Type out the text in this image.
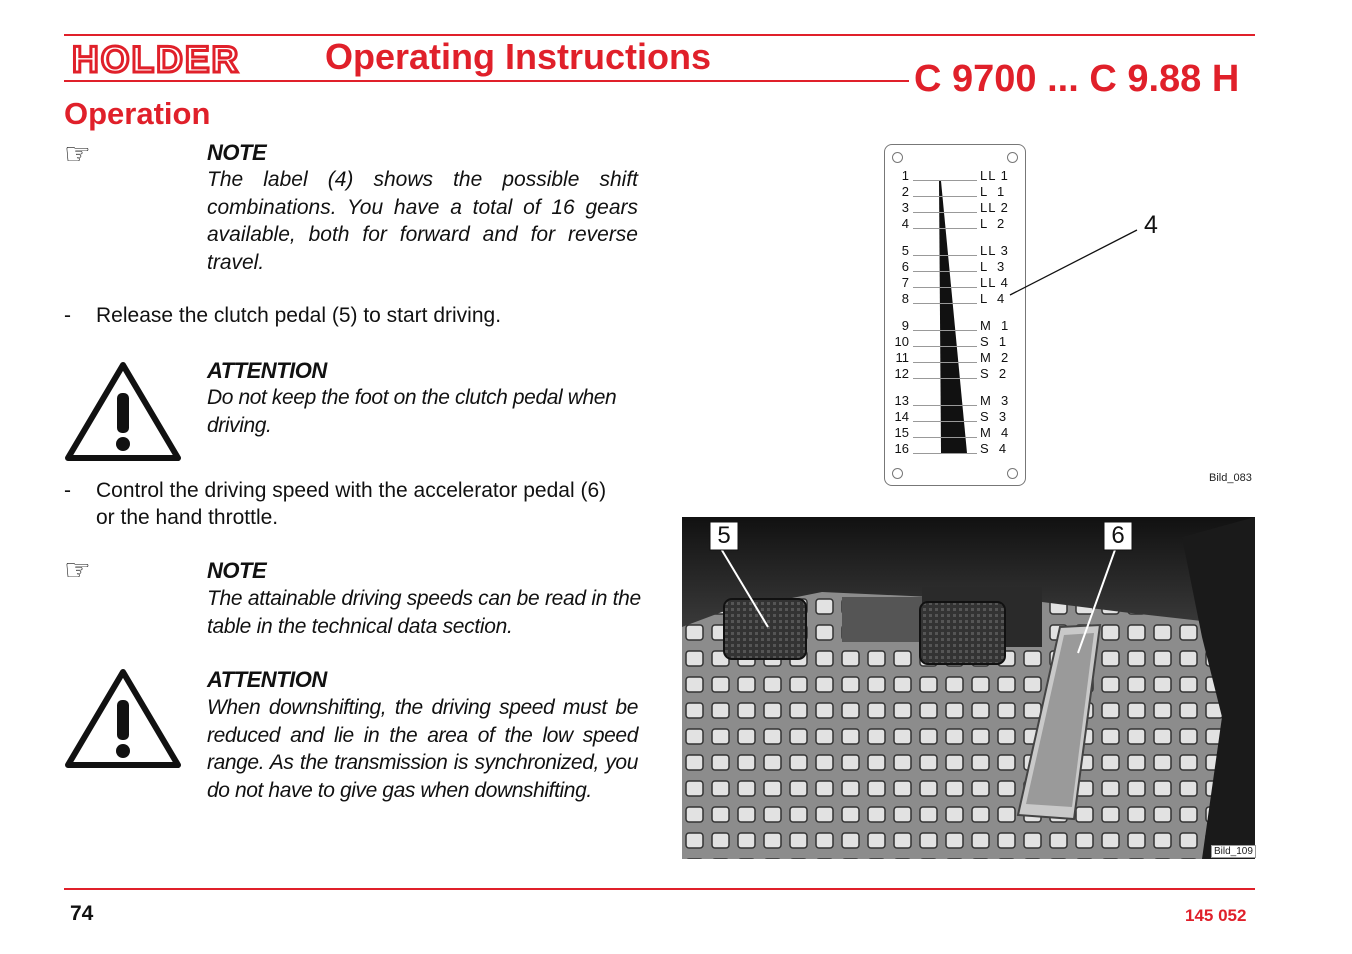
HOLDER Operating Instructions
C 9700 ... C 9.88 H
Operation
☞	NOTE
The label (4) shows the possible shift combinations. You have a total of 16 gears available, both for forward and for reverse travel.
- Release the clutch pedal (5) to start driving.
ATTENTION
Do not keep the foot on the clutch pedal when driving.
- Control the driving speed with the accelerator pedal (6) or the hand throttle.
☞	NOTE
The attainable driving speeds can be read in the table in the technical data section.
ATTENTION
When downshifting, the driving speed must be reduced and lie in the area of the low speed range. As the transmission is synchronized, you do not have to give gas when downshifting.
1	LL 1
2	L  1
3	LL 2
4	L  2
5	LL 3
6	L  3
7	LL 4
8	L  4
9	M  1
10	S  1
11	M  2
12	S  2
13	M  3
14	S  3
15	M  4
16	S  4
4
Bild_083
5	6
Bild_109
74	145 052
